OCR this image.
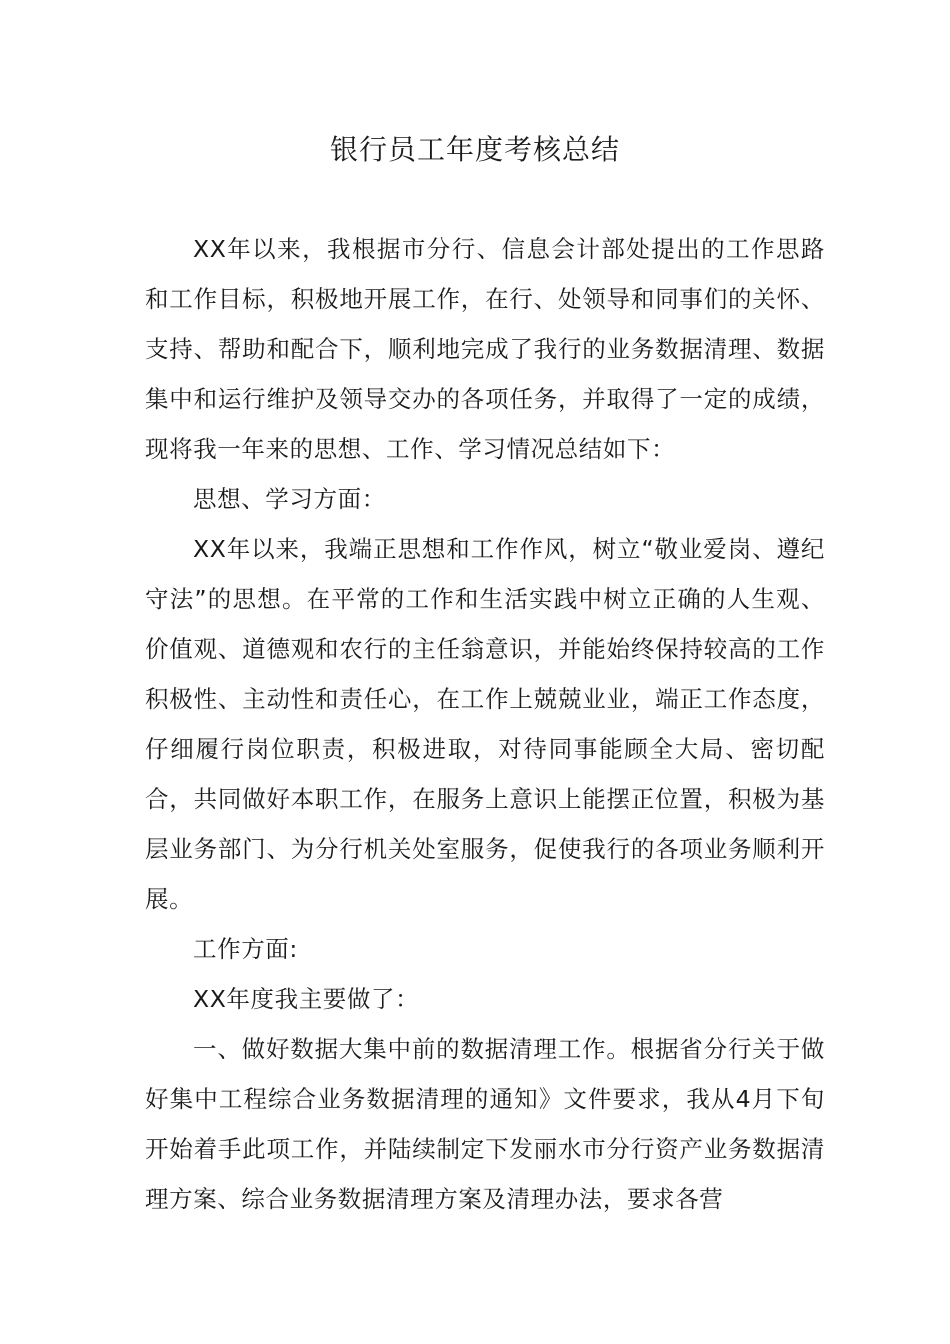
银行员工年度考核总结

XX年以来，我根据市分行、信息会计部处提出的工作思路和工作目标，积极地开展工作，在行、处领导和同事们的关怀、支持、帮助和配合下，顺利地完成了我行的业务数据清理、数据集中和运行维护及领导交办的各项任务，并取得了一定的成绩，现将我一年来的思想、工作、学习情况总结如下：

思想、学习方面：

XX年以来，我端正思想和工作作风，树立“敬业爱岗、遵纪守法”的思想。在平常的工作和生活实践中树立正确的人生观、价值观、道德观和农行的主任翁意识，并能始终保持较高的工作积极性、主动性和责任心，在工作上兢兢业业，端正工作态度，仔细履行岗位职责，积极进取，对待同事能顾全大局、密切配合，共同做好本职工作，在服务上意识上能摆正位置，积极为基层业务部门、为分行机关处室服务，促使我行的各项业务顺利开展。

工作方面:

XX年度我主要做了：

一、做好数据大集中前的数据清理工作。根据省分行关于做好集中工程综合业务数据清理的通知》文件要求，我从4月下旬开始着手此项工作，并陆续制定下发丽水市分行资产业务数据清理方案、综合业务数据清理方案及清理办法，要求各营
